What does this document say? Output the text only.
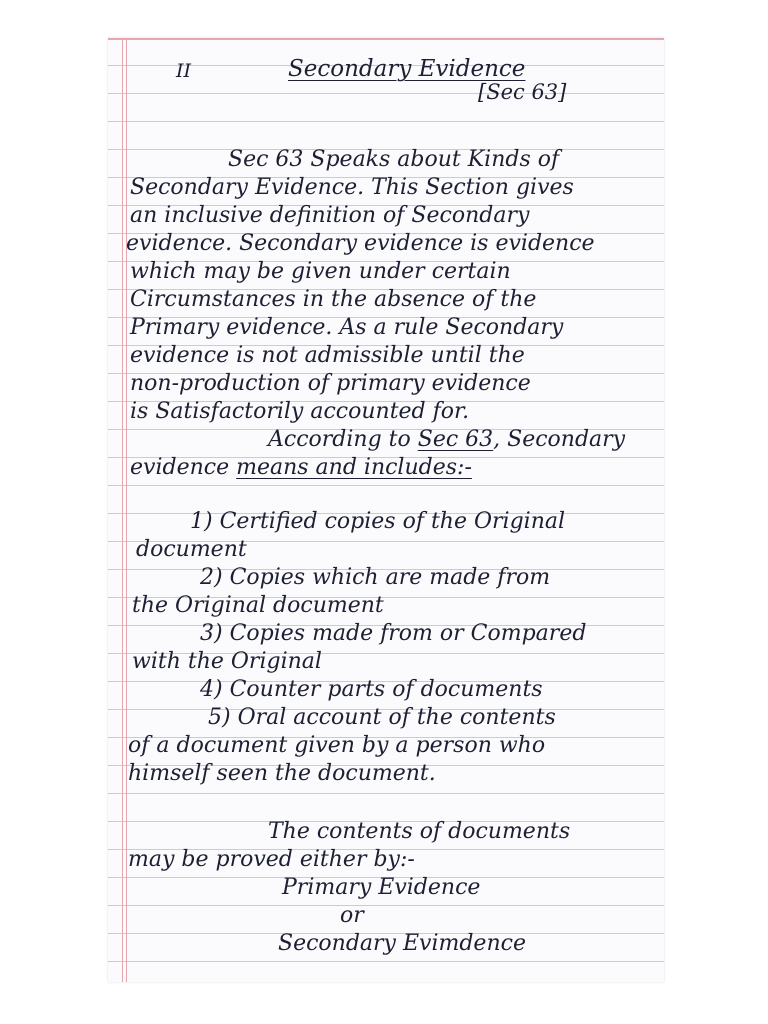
II	Secondary Evidence
[Sec 63]
Sec 63 Speaks about Kinds of
Secondary Evidence. This Section gives
an inclusive definition of Secondary
evidence. Secondary evidence is evidence
which may be given under certain
Circumstances in the absence of the
Primary evidence. As a rule Secondary
evidence is not admissible until the
non-production of primary evidence
is Satisfactorily accounted for.
According to Sec 63, Secondary
evidence means and includes:-
1) Certified copies of the Original
document
2) Copies which are made from
the Original document
3) Copies made from or Compared
with the Original
4) Counter parts of documents
5) Oral account of the contents
of a document given by a person who
himself seen the document.
The contents of documents
may be proved either by:-
Primary Evidence
or
Secondary Evimdence
